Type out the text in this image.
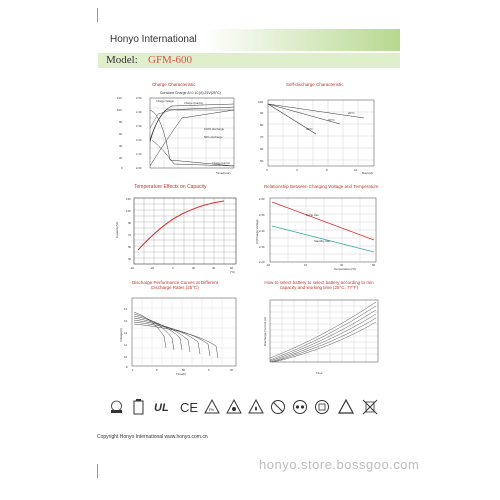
Honyo International
Model: GFM-600
Charge Characteristic
Constant Charge At 0.1C(A),25V(25°C)
100% discharge
50% discharge
Charge Voltage
Charge Quantity
Charge Current
Time(hour)
2.50
2.40
2.30
2.20
2.10
2.00
120
100
80
60
40
20
0
Self-discharge Characteristic
20°C
30°C
40°C
Days(d)
100
90
80
70
60
50
0	4	8	12
Temperature Effects on Capacity
Capacity(%)
130
110
90
70
50
30
-40	-20	0	20	40	60
(°C)
Relationship Between Charging Voltage and Temperature
Cycle Use
Standby Use
(V)Charge Voltage
Temperature(°C)
2.60
2.50
2.40
2.30
2.20
-10	10	30	50
Discharge Performance Curves at Different Discharge Rates (25°C)
Voltage(V)
Time(h)
14
13
12
11
10
9
1	5	50	5	20
How to select battery to select battery according to min capacity and working time (25°C, 77°F)
Discharge Current (A)
Time
UL CE	Pb
Copyright Honyo International www.honyo.com.cn
honyo.store.bossgoo.com
